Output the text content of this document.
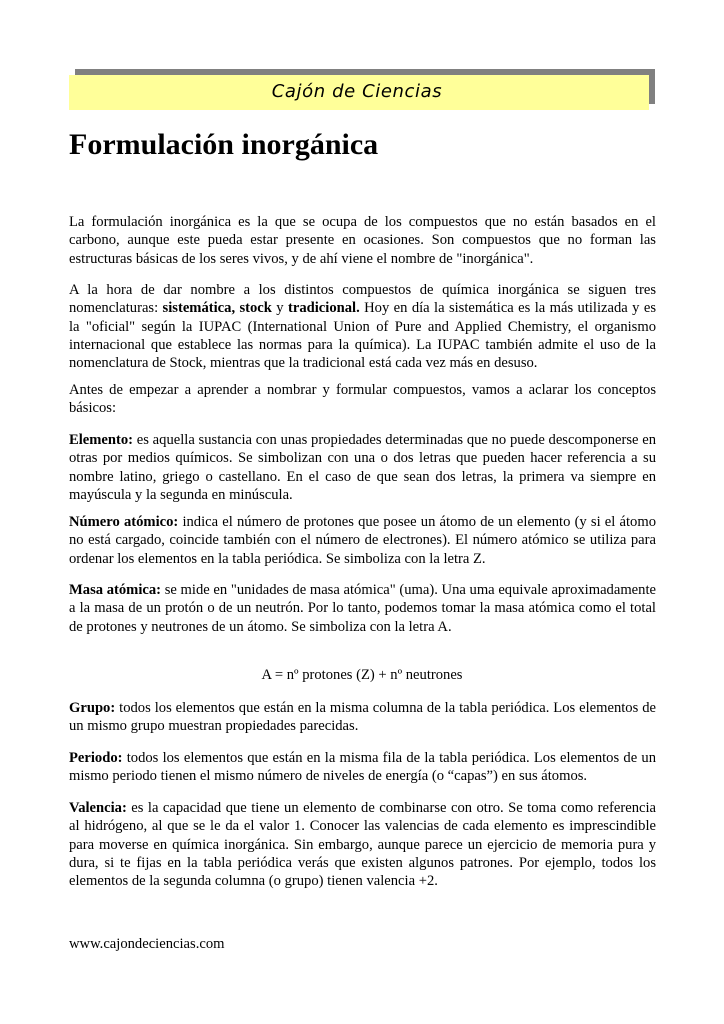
Cajón de Ciencias
Formulación inorgánica

La formulación inorgánica es la que se ocupa de los compuestos que no están basados en el carbono, aunque este pueda estar presente en ocasiones. Son compuestos que no forman las estructuras básicas de los seres vivos, y de ahí viene el nombre de "inorgánica".

A la hora de dar nombre a los distintos compuestos de química inorgánica se siguen tres nomenclaturas: sistemática, stock y tradicional. Hoy en día la sistemática es la más utilizada y es la "oficial" según la IUPAC (International Union of Pure and Applied Chemistry, el organismo internacional que establece las normas para la química). La IUPAC también admite el uso de la nomenclatura de Stock, mientras que la tradicional está cada vez más en desuso.

Antes de empezar a aprender a nombrar y formular compuestos, vamos a aclarar los conceptos básicos:

Elemento: es aquella sustancia con unas propiedades determinadas que no puede descomponerse en otras por medios químicos. Se simbolizan con una o dos letras que pueden hacer referencia a su nombre latino, griego o castellano. En el caso de que sean dos letras, la primera va siempre en mayúscula y la segunda en minúscula.

Número atómico: indica el número de protones que posee un átomo de un elemento (y si el átomo no está cargado, coincide también con el número de electrones). El número atómico se utiliza para ordenar los elementos en la tabla periódica. Se simboliza con la letra Z.

Masa atómica: se mide en "unidades de masa atómica" (uma). Una uma equivale aproximadamente a la masa de un protón o de un neutrón. Por lo tanto, podemos tomar la masa atómica como el total de protones y neutrones de un átomo. Se simboliza con la letra A.

A = nº protones (Z) + nº neutrones

Grupo: todos los elementos que están en la misma columna de la tabla periódica. Los elementos de un mismo grupo muestran propiedades parecidas.

Periodo: todos los elementos que están en la misma fila de la tabla periódica. Los elementos de un mismo periodo tienen el mismo número de niveles de energía (o “capas”) en sus átomos.

Valencia: es la capacidad que tiene un elemento de combinarse con otro. Se toma como referencia al hidrógeno, al que se le da el valor 1. Conocer las valencias de cada elemento es imprescindible para moverse en química inorgánica. Sin embargo, aunque parece un ejercicio de memoria pura y dura, si te fijas en la tabla periódica verás que existen algunos patrones. Por ejemplo, todos los elementos de la segunda columna (o grupo) tienen valencia +2.

www.cajondeciencias.com
